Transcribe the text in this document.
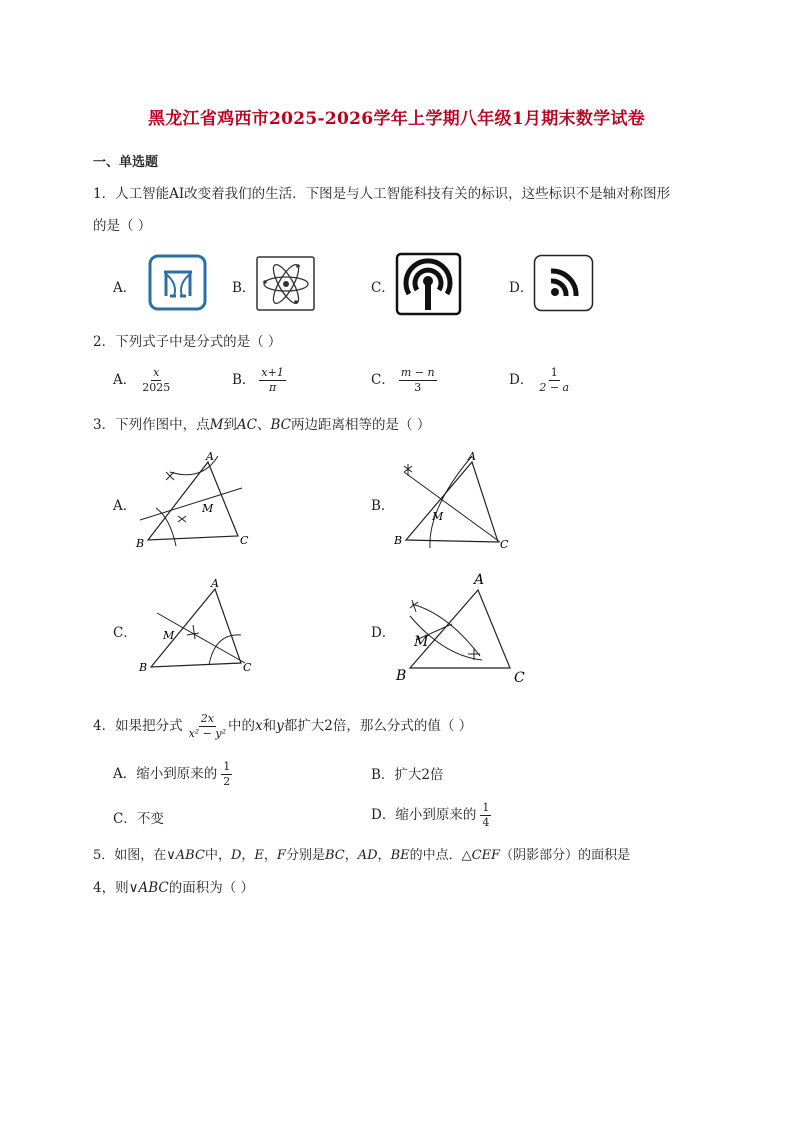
黑龙江省鸡西市2025-2026学年上学期八年级1月期末数学试卷
一、单选题
1．人工智能AI改变着我们的生活．下图是与人工智能科技有关的标识，这些标识不是轴对称图形
的是（ ）
A．	B．	C．	D．
2．下列式子中是分式的是（ ）
A． $\frac{x}{2025}$	B． $\frac{x+1}{\pi}$	C． $\frac{m - n}{3}$	D． $\frac{1}{2 - a}$
3．下列作图中，点M到AC、BC两边距离相等的是（ ）
A．
A
B	C
M	B．
A
B	C
M
C．
A
B	C
M	D．
A
B	C
M
4．如果把分式 $\frac{2x}{\text{x² − y²}}$ 中的x和y都扩大2倍，那么分式的值（ ）
A．缩小到原来的 $\frac{1}{2}$	B．扩大2倍
C．不变	D．缩小到原来的 $\frac{1}{4}$
5．如图，在∨ABC中，D，E，F分别是BC，AD，BE的中点．△CEF（阴影部分）的面积是
4，则∨ABC的面积为（ ）
